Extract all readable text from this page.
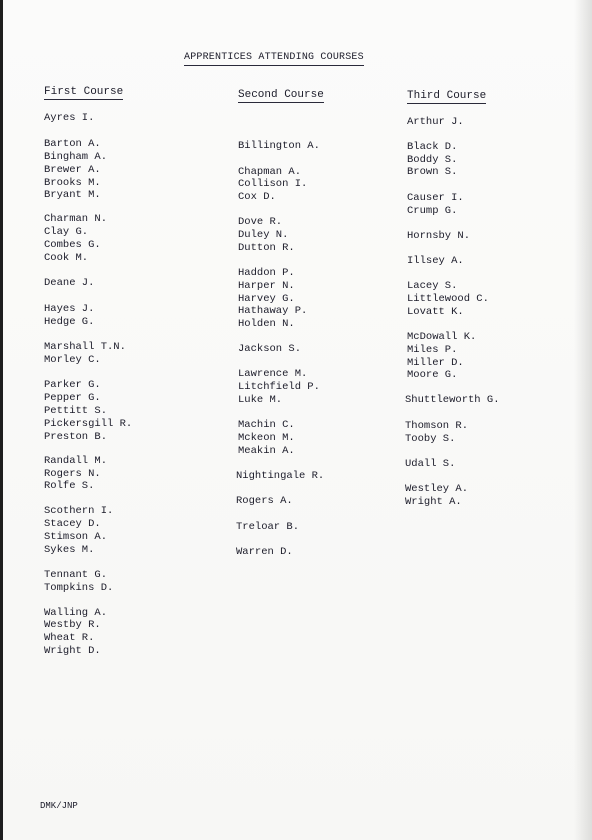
APPRENTICES ATTENDING COURSES
First Course
Ayres I.
Barton A.
Bingham A.
Brewer A.
Brooks M.
Bryant M.
Charman N.
Clay G.
Combes G.
Cook M.
Deane J.
Hayes J.
Hedge G.
Marshall T.N.
Morley C.
Parker G.
Pepper G.
Pettitt S.
Pickersgill R.
Preston B.
Randall M.
Rogers N.
Rolfe S.
Scothern I.
Stacey D.
Stimson A.
Sykes M.
Tennant G.
Tompkins D.
Walling A.
Westby R.
Wheat R.
Wright D.
Second Course
Billington A.
Chapman A.
Collison I.
Cox D.
Dove R.
Duley N.
Dutton R.
Haddon P.
Harper N.
Harvey G.
Hathaway P.
Holden N.
Jackson S.
Lawrence M.
Litchfield P.
Luke M.
Machin C.
Mckeon M.
Meakin A.
Nightingale R.
Rogers A.
Treloar B.
Warren D.
Third Course
Arthur J.
Black D.
Boddy S.
Brown S.
Causer I.
Crump G.
Hornsby N.
Illsey A.
Lacey S.
Littlewood C.
Lovatt K.
McDowall K.
Miles P.
Miller D.
Moore G.
Shuttleworth G.
Thomson R.
Tooby S.
Udall S.
Westley A.
Wright A.
DMK/JNP
